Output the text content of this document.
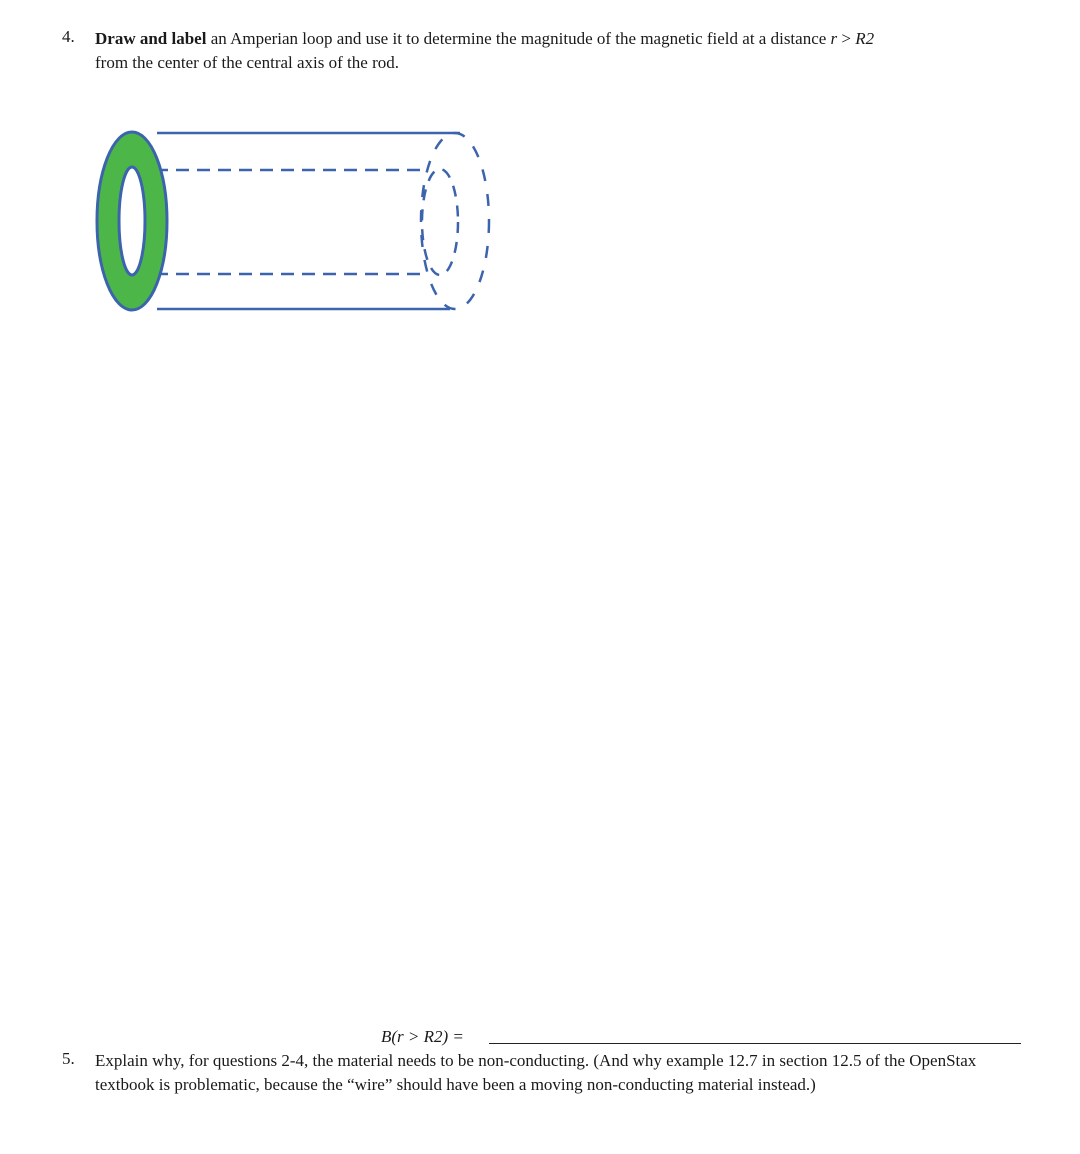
4. Draw and label an Amperian loop and use it to determine the magnitude of the magnetic field at a distance r > R2
from the center of the central axis of the rod.
B(r > R2) =
5. Explain why, for questions 2-4, the material needs to be non-conducting. (And why example 12.7 in section 12.5 of the OpenStax textbook is problematic, because the “wire” should have been a moving non-conducting material instead.)
